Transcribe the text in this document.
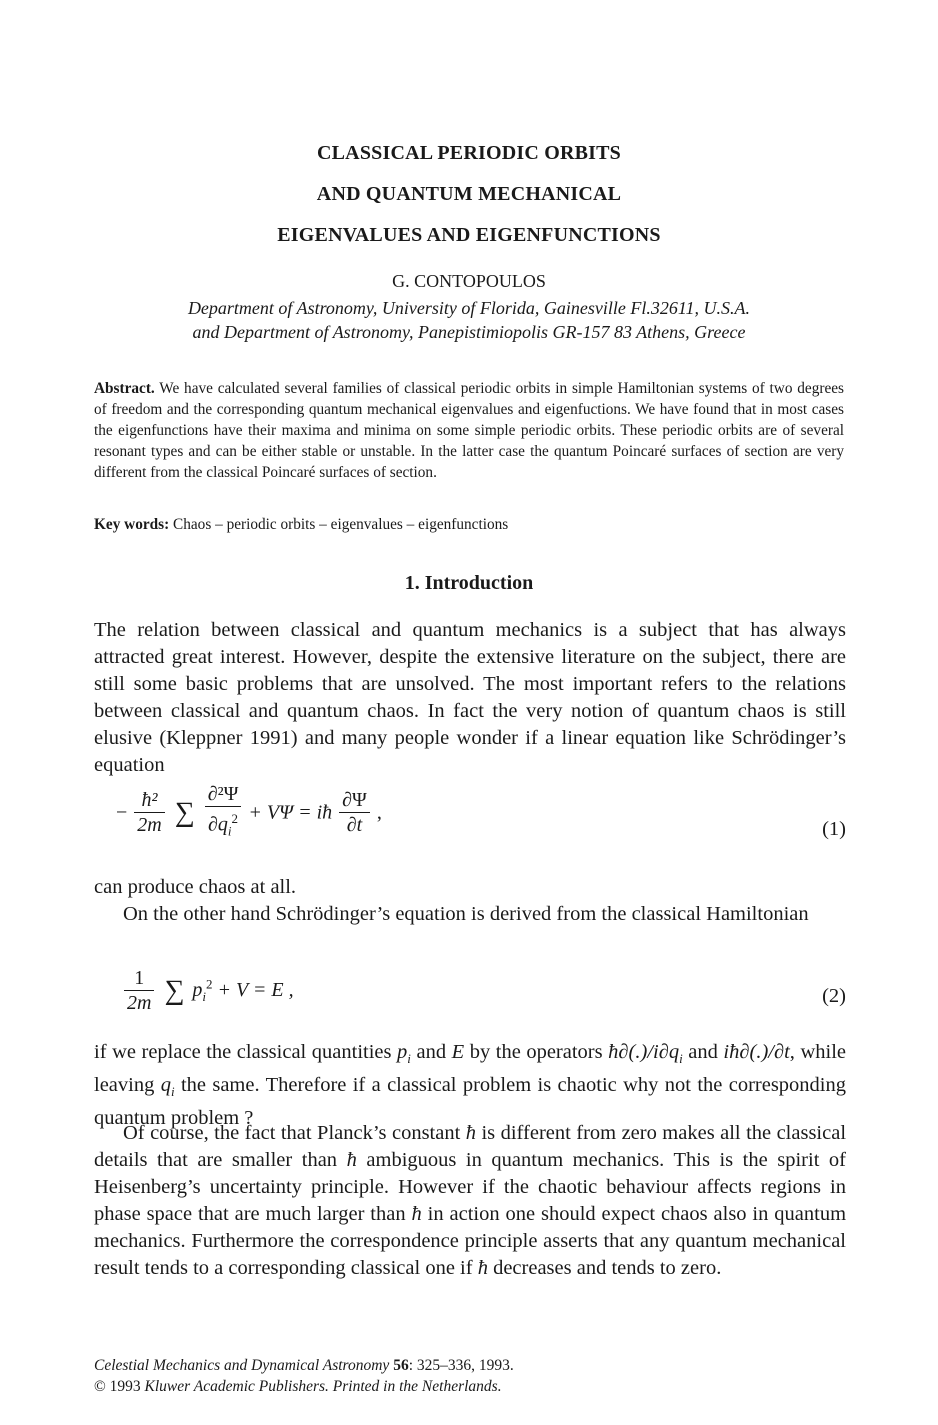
CLASSICAL PERIODIC ORBITS
AND QUANTUM MECHANICAL
EIGENVALUES AND EIGENFUNCTIONS
G. CONTOPOULOS
Department of Astronomy, University of Florida, Gainesville Fl.32611, U.S.A.
and Department of Astronomy, Panepistimiopolis GR-157 83 Athens, Greece
Abstract. We have calculated several families of classical periodic orbits in simple Hamiltonian systems of two degrees of freedom and the corresponding quantum mechanical eigenvalues and eigenfuctions. We have found that in most cases the eigenfunctions have their maxima and minima on some simple periodic orbits. These periodic orbits are of several resonant types and can be either stable or unstable. In the latter case the quantum Poincaré surfaces of section are very different from the classical Poincaré surfaces of section.
Key words: Chaos – periodic orbits – eigenvalues – eigenfunctions
1. Introduction
The relation between classical and quantum mechanics is a subject that has always attracted great interest. However, despite the extensive literature on the subject, there are still some basic problems that are unsolved. The most important refers to the relations between classical and quantum chaos. In fact the very notion of quantum chaos is still elusive (Kleppner 1991) and many people wonder if a linear equation like Schrödinger’s equation
− $\frac{\text{ħ²}}{2m}$ ∑ $\frac{\text{∂²Ψ}}{\partial q_i^2} + V\Psi$ = iħ $\frac{\partial\Psi}{\partial t}$ ,
(1)
can produce chaos at all.
On the other hand Schrödinger’s equation is derived from the classical Hamiltonian
$\frac{1}{2m}$ ∑ $p_i^2 + V = E$ ,	(2)
if we replace the classical quantities $p_i$ and E by the operators $ħ\partial(.)/i\partial q_i$ and iħ∂(.)/∂t, while leaving $q_i$ the same. Therefore if a classical problem is chaotic why not the corresponding quantum problem ?
Of course, the fact that Planck’s constant ħ is different from zero makes all the classical details that are smaller than ħ ambiguous in quantum mechanics. This is the spirit of Heisenberg’s uncertainty principle. However if the chaotic behaviour affects regions in phase space that are much larger than ħ in action one should expect chaos also in quantum mechanics. Furthermore the correspondence principle asserts that any quantum mechanical result tends to a corresponding classical one if ħ decreases and tends to zero.
Celestial Mechanics and Dynamical Astronomy 56: 325–336, 1993.
© 1993 Kluwer Academic Publishers. Printed in the Netherlands.
